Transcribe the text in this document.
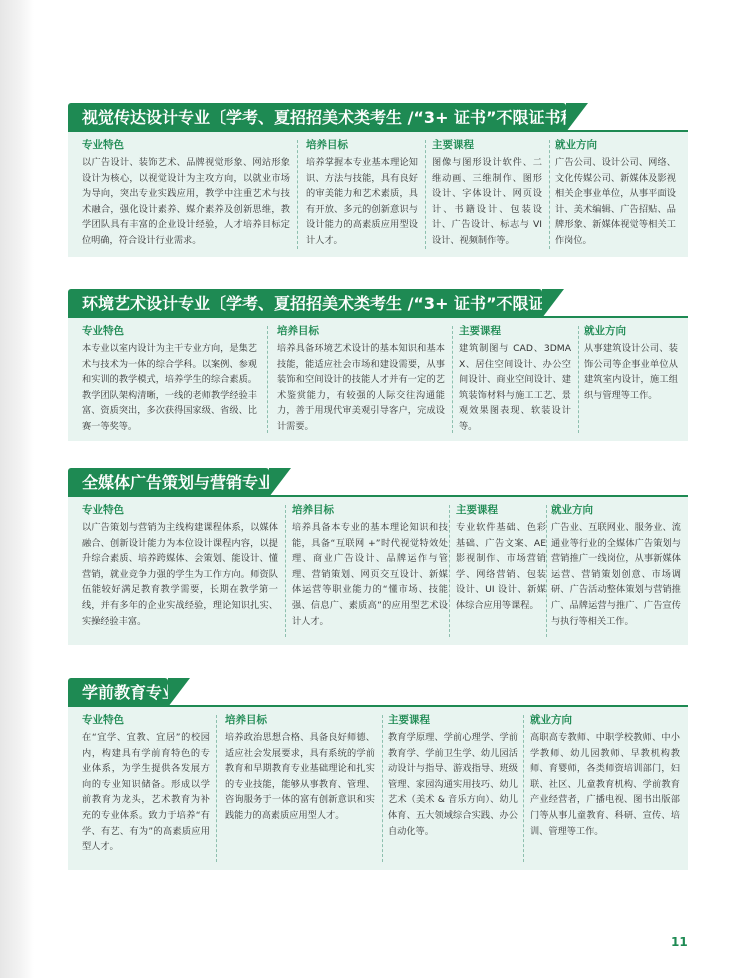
视觉传达设计专业〔学考、夏招招美术类考生 /“3+ 证书”不限证书种类〕
专业特色
以广告设计、装饰艺术、品牌视觉形象、网站形象设计为核心，以视觉设计为主攻方向，以就业市场为导向，突出专业实践应用，教学中注重艺术与技术融合，强化设计素养、媒介素养及创新思维，教学团队具有丰富的企业设计经验，人才培养目标定位明确，符合设计行业需求。
培养目标
培养掌握本专业基本理论知识、方法与技能，具有良好的审美能力和艺术素质，具有开放、多元的创新意识与设计能力的高素质应用型设计人才。
主要课程
图像与图形设计软件、二维动画、三维制作、图形设计、字体设计、网页设计、书籍设计、包装设计、广告设计、标志与 VI 设计、视频制作等。
就业方向
广告公司、设计公司、网络、文化传媒公司、新媒体及影视相关企事业单位，从事平面设计、美术编辑、广告招贴、品牌形象、新媒体视觉等相关工作岗位。
环境艺术设计专业〔学考、夏招招美术类考生 /“3+ 证书”不限证书种类〕
专业特色
本专业以室内设计为主干专业方向，是集艺术与技术为一体的综合学科。以案例、参观和实训的教学模式，培养学生的综合素质。教学团队架构清晰，一线的老师教学经验丰富、资质突出，多次获得国家级、省级、比赛一等奖等。
培养目标
培养具备环境艺术设计的基本知识和基本技能，能适应社会市场和建设需要，从事装饰和空间设计的技能人才并有一定的艺术鉴赏能力，有较强的人际交往沟通能力，善于用现代审美观引导客户，完成设计需要。
主要课程
建筑制图与 CAD、3DMAX、居住空间设计、办公空间设计、商业空间设计、建筑装饰材料与施工工艺、景观效果图表现、软装设计等。
就业方向
从事建筑设计公司、装饰公司等企事业单位从建筑室内设计，施工组织与管理等工作。
全媒体广告策划与营销专业
专业特色
以广告策划与营销为主线构建课程体系，以媒体融合、创新设计能力为本位设计课程内容，以提升综合素质、培养跨媒体、会策划、能设计、懂营销，就业竞争力强的学生为工作方向。师资队伍能较好满足教育教学需要，长期在教学第一线，并有多年的企业实战经验，理论知识扎实、实操经验丰富。
培养目标
培养具备本专业的基本理论知识和技能，具备“互联网 +”时代视觉特效处理、商业广告设计、品牌运作与管理、营销策划、网页交互设计、新媒体运营等职业能力的“懂市场、技能强、信息广、素质高”的应用型艺术设计人才。
主要课程
专业软件基础、色彩基础、广告文案、AE 影视制作、市场营销学、网络营销、包装设计、UI 设计、新媒体综合应用等课程。
就业方向
广告业、互联网业、服务业、流通业等行业的全媒体广告策划与营销推广一线岗位，从事新媒体运营、营销策划创意、市场调研、广告活动整体策划与营销推广、品牌运营与推广、广告宣传与执行等相关工作。
学前教育专业
专业特色
在“宜学、宜教、宜居”的校园内，构建具有学前育特色的专业体系，为学生提供各发展方向的专业知识储备。形成以学前教育为龙头，艺术教育为补充的专业体系。致力于培养“有学、有艺、有为”的高素质应用型人才。
培养目标
培养政治思想合格、具备良好师德、适应社会发展要求，具有系统的学前教育和早期教育专业基础理论和扎实的专业技能，能够从事教育、管理、咨询服务于一体的富有创新意识和实践能力的高素质应用型人才。
主要课程
教育学原理、学前心理学、学前教育学、学前卫生学、幼儿园活动设计与指导、游戏指导、班级管理、家园沟通实用技巧、幼儿艺术（美术 & 音乐方向）、幼儿体育、五大领域综合实践、办公自动化等。
就业方向
高职高专教师、中职学校教师、中小学教师、幼儿园教师、早教机构教师、育婴师，各类师资培训部门，妇联、社区、儿童教育机构、学前教育产业经营者，广播电视、图书出版部门等从事儿童教育、科研、宣传、培训、管理等工作。
11
